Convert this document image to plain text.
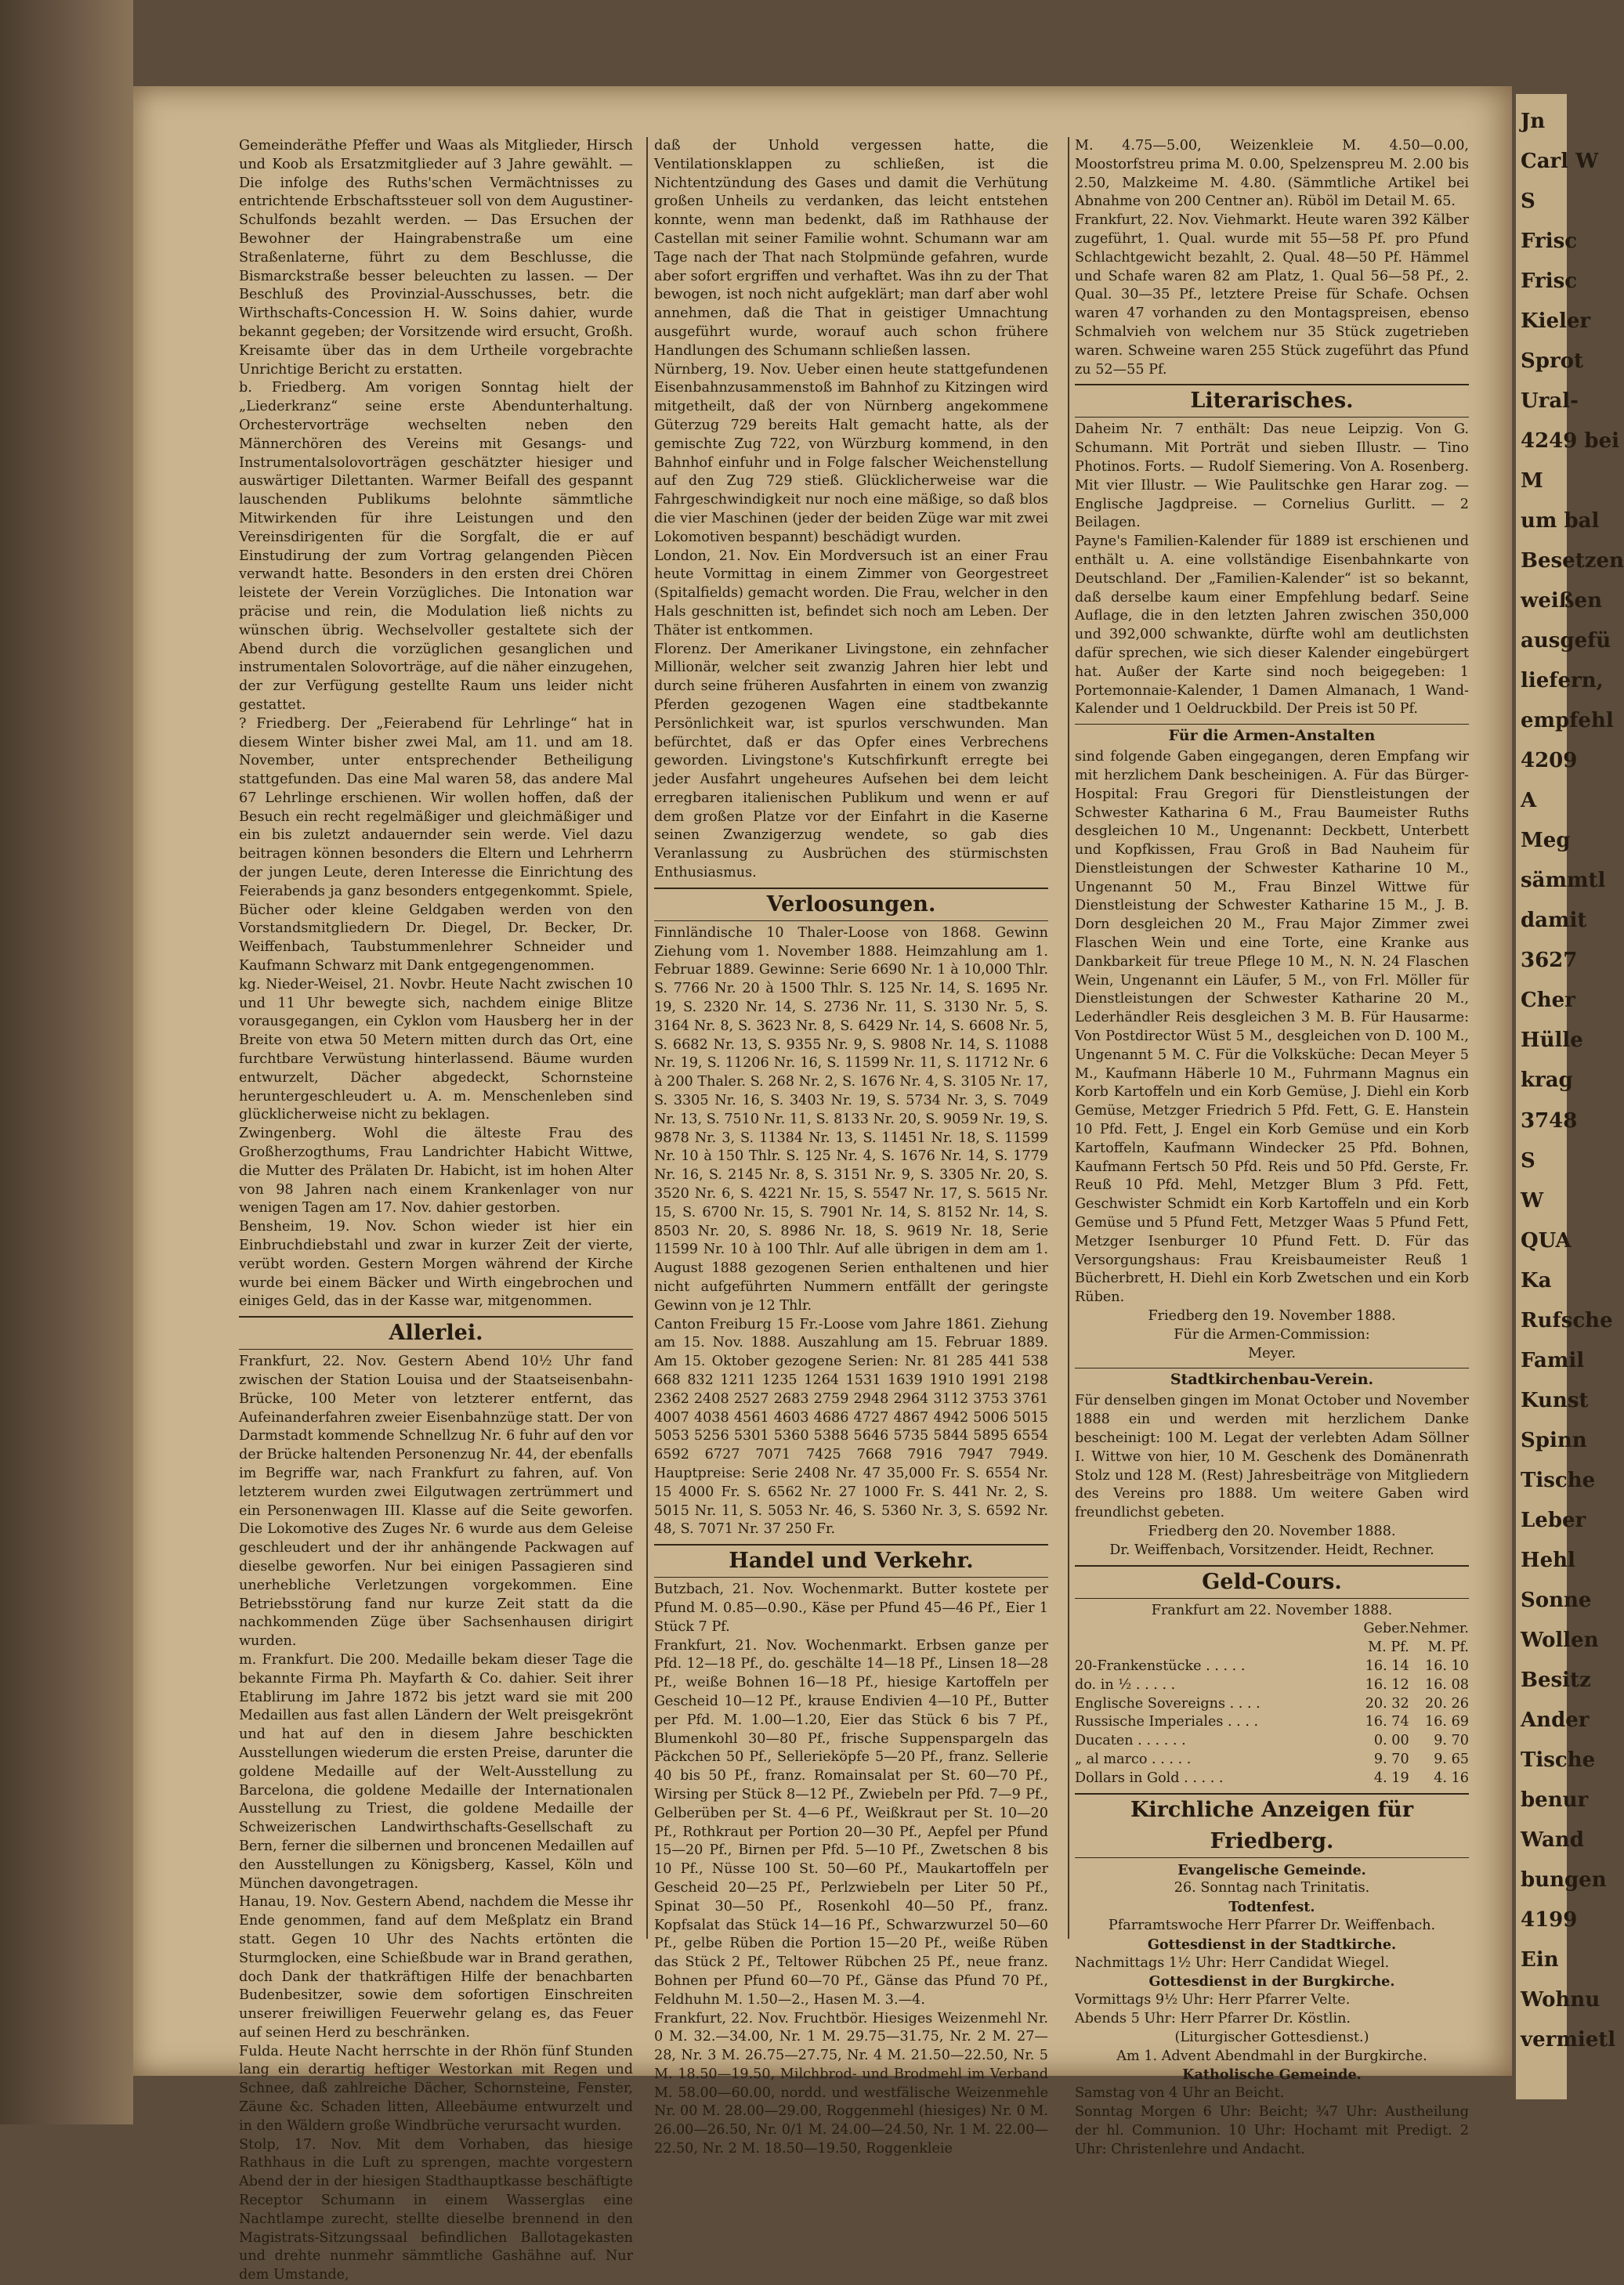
Gemeinderäthe Pfeffer und Waas als Mitglieder, Hirsch und Koob als Ersatzmitglieder auf 3 Jahre gewählt. — Die infolge des Ruths'schen Vermächtnisses zu entrichtende Erbschaftssteuer soll von dem Augustiner-Schulfonds bezahlt werden. — Das Ersuchen der Bewohner der Haingrabenstraße um eine Straßenlaterne, führt zu dem Beschlusse, die Bismarckstraße besser beleuchten zu lassen. — Der Beschluß des Provinzial-Ausschusses, betr. die Wirthschafts-Concession H. W. Soins dahier, wurde bekannt gegeben; der Vorsitzende wird ersucht, Großh. Kreisamte über das in dem Urtheile vorgebrachte Unrichtige Bericht zu erstatten.

b. Friedberg. Am vorigen Sonntag hielt der „Liederkranz“ seine erste Abendunterhaltung. Orchestervorträge wechselten neben den Männerchören des Vereins mit Gesangs- und Instrumentalsolovorträgen geschätzter hiesiger und auswärtiger Dilettanten. Warmer Beifall des gespannt lauschenden Publikums belohnte sämmtliche Mitwirkenden für ihre Leistungen und den Vereinsdirigenten für die Sorgfalt, die er auf Einstudirung der zum Vortrag gelangenden Piècen verwandt hatte. Besonders in den ersten drei Chören leistete der Verein Vorzügliches. Die Intonation war präcise und rein, die Modulation ließ nichts zu wünschen übrig. Wechselvoller gestaltete sich der Abend durch die vorzüglichen gesanglichen und instrumentalen Solovorträge, auf die näher einzugehen, der zur Verfügung gestellte Raum uns leider nicht gestattet.

? Friedberg. Der „Feierabend für Lehrlinge“ hat in diesem Winter bisher zwei Mal, am 11. und am 18. November, unter entsprechender Betheiligung stattgefunden. Das eine Mal waren 58, das andere Mal 67 Lehrlinge erschienen. Wir wollen hoffen, daß der Besuch ein recht regelmäßiger und gleichmäßiger und ein bis zuletzt andauernder sein werde. Viel dazu beitragen können besonders die Eltern und Lehrherrn der jungen Leute, deren Interesse die Einrichtung des Feierabends ja ganz besonders entgegenkommt. Spiele, Bücher oder kleine Geldgaben werden von den Vorstandsmitgliedern Dr. Diegel, Dr. Becker, Dr. Weiffenbach, Taubstummenlehrer Schneider und Kaufmann Schwarz mit Dank entgegengenommen.

kg. Nieder-Weisel, 21. Novbr. Heute Nacht zwischen 10 und 11 Uhr bewegte sich, nachdem einige Blitze vorausgegangen, ein Cyklon vom Hausberg her in der Breite von etwa 50 Metern mitten durch das Ort, eine furchtbare Verwüstung hinterlassend. Bäume wurden entwurzelt, Dächer abgedeckt, Schornsteine heruntergeschleudert u. A. m. Menschenleben sind glücklicherweise nicht zu beklagen.

Zwingenberg. Wohl die älteste Frau des Großherzogthums, Frau Landrichter Habicht Wittwe, die Mutter des Prälaten Dr. Habicht, ist im hohen Alter von 98 Jahren nach einem Krankenlager von nur wenigen Tagen am 17. Nov. dahier gestorben.

Bensheim, 19. Nov. Schon wieder ist hier ein Einbruchdiebstahl und zwar in kurzer Zeit der vierte, verübt worden. Gestern Morgen während der Kirche wurde bei einem Bäcker und Wirth eingebrochen und einiges Geld, das in der Kasse war, mitgenommen.

Allerlei.

Frankfurt, 22. Nov. Gestern Abend 10½ Uhr fand zwischen der Station Louisa und der Staatseisenbahn-Brücke, 100 Meter von letzterer entfernt, das Aufeinanderfahren zweier Eisenbahnzüge statt. Der von Darmstadt kommende Schnellzug Nr. 6 fuhr auf den vor der Brücke haltenden Personenzug Nr. 44, der ebenfalls im Begriffe war, nach Frankfurt zu fahren, auf. Von letzterem wurden zwei Eilgutwagen zertrümmert und ein Personenwagen III. Klasse auf die Seite geworfen. Die Lokomotive des Zuges Nr. 6 wurde aus dem Geleise geschleudert und der ihr anhängende Packwagen auf dieselbe geworfen. Nur bei einigen Passagieren sind unerhebliche Verletzungen vorgekommen. Eine Betriebsstörung fand nur kurze Zeit statt da die nachkommenden Züge über Sachsenhausen dirigirt wurden.

m. Frankfurt. Die 200. Medaille bekam dieser Tage die bekannte Firma Ph. Mayfarth & Co. dahier. Seit ihrer Etablirung im Jahre 1872 bis jetzt ward sie mit 200 Medaillen aus fast allen Ländern der Welt preisgekrönt und hat auf den in diesem Jahre beschickten Ausstellungen wiederum die ersten Preise, darunter die goldene Medaille auf der Welt-Ausstellung zu Barcelona, die goldene Medaille der Internationalen Ausstellung zu Triest, die goldene Medaille der Schweizerischen Landwirthschafts-Gesellschaft zu Bern, ferner die silbernen und broncenen Medaillen auf den Ausstellungen zu Königsberg, Kassel, Köln und München davongetragen.

Hanau, 19. Nov. Gestern Abend, nachdem die Messe ihr Ende genommen, fand auf dem Meßplatz ein Brand statt. Gegen 10 Uhr des Nachts ertönten die Sturmglocken, eine Schießbude war in Brand gerathen, doch Dank der thatkräftigen Hilfe der benachbarten Budenbesitzer, sowie dem sofortigen Einschreiten unserer freiwilligen Feuerwehr gelang es, das Feuer auf seinen Herd zu beschränken.

Fulda. Heute Nacht herrschte in der Rhön fünf Stunden lang ein derartig heftiger Westorkan mit Regen und Schnee, daß zahlreiche Dächer, Schornsteine, Fenster, Zäune &c. Schaden litten, Alleebäume entwurzelt und in den Wäldern große Windbrüche verursacht wurden.

Stolp, 17. Nov. Mit dem Vorhaben, das hiesige Rathhaus in die Luft zu sprengen, machte vorgestern Abend der in der hiesigen Stadthauptkasse beschäftigte Receptor Schumann in einem Wasserglas eine Nachtlampe zurecht, stellte dieselbe brennend in den Magistrats-Sitzungssaal befindlichen Ballotagekasten und drehte nunmehr sämmtliche Gashähne auf. Nur dem Umstande,

daß der Unhold vergessen hatte, die Ventilationsklappen zu schließen, ist die Nichtentzündung des Gases und damit die Verhütung großen Unheils zu verdanken, das leicht entstehen konnte, wenn man bedenkt, daß im Rathhause der Castellan mit seiner Familie wohnt. Schumann war am Tage nach der That nach Stolpmünde gefahren, wurde aber sofort ergriffen und verhaftet. Was ihn zu der That bewogen, ist noch nicht aufgeklärt; man darf aber wohl annehmen, daß die That in geistiger Umnachtung ausgeführt wurde, worauf auch schon frühere Handlungen des Schumann schließen lassen.

Nürnberg, 19. Nov. Ueber einen heute stattgefundenen Eisenbahnzusammenstoß im Bahnhof zu Kitzingen wird mitgetheilt, daß der von Nürnberg angekommene Güterzug 729 bereits Halt gemacht hatte, als der gemischte Zug 722, von Würzburg kommend, in den Bahnhof einfuhr und in Folge falscher Weichenstellung auf den Zug 729 stieß. Glücklicherweise war die Fahrgeschwindigkeit nur noch eine mäßige, so daß blos die vier Maschinen (jeder der beiden Züge war mit zwei Lokomotiven bespannt) beschädigt wurden.

London, 21. Nov. Ein Mordversuch ist an einer Frau heute Vormittag in einem Zimmer von Georgestreet (Spitalfields) gemacht worden. Die Frau, welcher in den Hals geschnitten ist, befindet sich noch am Leben. Der Thäter ist entkommen.

Florenz. Der Amerikaner Livingstone, ein zehnfacher Millionär, welcher seit zwanzig Jahren hier lebt und durch seine früheren Ausfahrten in einem von zwanzig Pferden gezogenen Wagen eine stadtbekannte Persönlichkeit war, ist spurlos verschwunden. Man befürchtet, daß er das Opfer eines Verbrechens geworden. Livingstone's Kutschfirkunft erregte bei jeder Ausfahrt ungeheures Aufsehen bei dem leicht erregbaren italienischen Publikum und wenn er auf dem großen Platze vor der Einfahrt in die Kaserne seinen Zwanzigerzug wendete, so gab dies Veranlassung zu Ausbrüchen des stürmischsten Enthusiasmus.

Verloosungen.

Finnländische 10 Thaler-Loose von 1868. Gewinn Ziehung vom 1. November 1888. Heimzahlung am 1. Februar 1889. Gewinne: Serie 6690 Nr. 1 à 10,000 Thlr. S. 7766 Nr. 20 à 1500 Thlr. S. 125 Nr. 14, S. 1695 Nr. 19, S. 2320 Nr. 14, S. 2736 Nr. 11, S. 3130 Nr. 5, S. 3164 Nr. 8, S. 3623 Nr. 8, S. 6429 Nr. 14, S. 6608 Nr. 5, S. 6682 Nr. 13, S. 9355 Nr. 9, S. 9808 Nr. 14, S. 11088 Nr. 19, S. 11206 Nr. 16, S. 11599 Nr. 11, S. 11712 Nr. 6 à 200 Thaler. S. 268 Nr. 2, S. 1676 Nr. 4, S. 3105 Nr. 17, S. 3305 Nr. 16, S. 3403 Nr. 19, S. 5734 Nr. 3, S. 7049 Nr. 13, S. 7510 Nr. 11, S. 8133 Nr. 20, S. 9059 Nr. 19, S. 9878 Nr. 3, S. 11384 Nr. 13, S. 11451 Nr. 18, S. 11599 Nr. 10 à 150 Thlr. S. 125 Nr. 4, S. 1676 Nr. 14, S. 1779 Nr. 16, S. 2145 Nr. 8, S. 3151 Nr. 9, S. 3305 Nr. 20, S. 3520 Nr. 6, S. 4221 Nr. 15, S. 5547 Nr. 17, S. 5615 Nr. 15, S. 6700 Nr. 15, S. 7901 Nr. 14, S. 8152 Nr. 14, S. 8503 Nr. 20, S. 8986 Nr. 18, S. 9619 Nr. 18, Serie 11599 Nr. 10 à 100 Thlr. Auf alle übrigen in dem am 1. August 1888 gezogenen Serien enthaltenen und hier nicht aufgeführten Nummern entfällt der geringste Gewinn von je 12 Thlr.

Canton Freiburg 15 Fr.-Loose vom Jahre 1861. Ziehung am 15. Nov. 1888. Auszahlung am 15. Februar 1889. Am 15. Oktober gezogene Serien: Nr. 81 285 441 538 668 832 1211 1235 1264 1531 1639 1910 1991 2198 2362 2408 2527 2683 2759 2948 2964 3112 3753 3761 4007 4038 4561 4603 4686 4727 4867 4942 5006 5015 5053 5256 5301 5360 5388 5646 5735 5844 5895 6554 6592 6727 7071 7425 7668 7916 7947 7949. Hauptpreise: Serie 2408 Nr. 47 35,000 Fr. S. 6554 Nr. 15 4000 Fr. S. 6562 Nr. 27 1000 Fr. S. 441 Nr. 2, S. 5015 Nr. 11, S. 5053 Nr. 46, S. 5360 Nr. 3, S. 6592 Nr. 48, S. 7071 Nr. 37 250 Fr.

Handel und Verkehr.

Butzbach, 21. Nov. Wochenmarkt. Butter kostete per Pfund M. 0.85—0.90., Käse per Pfund 45—46 Pf., Eier 1 Stück 7 Pf.

Frankfurt, 21. Nov. Wochenmarkt. Erbsen ganze per Pfd. 12—18 Pf., do. geschälte 14—18 Pf., Linsen 18—28 Pf., weiße Bohnen 16—18 Pf., hiesige Kartoffeln per Gescheid 10—12 Pf., krause Endivien 4—10 Pf., Butter per Pfd. M. 1.00—1.20, Eier das Stück 6 bis 7 Pf., Blumenkohl 30—80 Pf., frische Suppenspargeln das Päckchen 50 Pf., Sellerieköpfe 5—20 Pf., franz. Sellerie 40 bis 50 Pf., franz. Romainsalat per St. 60—70 Pf., Wirsing per Stück 8—12 Pf., Zwiebeln per Pfd. 7—9 Pf., Gelberüben per St. 4—6 Pf., Weißkraut per St. 10—20 Pf., Rothkraut per Portion 20—30 Pf., Aepfel per Pfund 15—20 Pf., Birnen per Pfd. 5—10 Pf., Zwetschen 8 bis 10 Pf., Nüsse 100 St. 50—60 Pf., Maukartoffeln per Gescheid 20—25 Pf., Perlzwiebeln per Liter 50 Pf., Spinat 30—50 Pf., Rosenkohl 40—50 Pf., franz. Kopfsalat das Stück 14—16 Pf., Schwarzwurzel 50—60 Pf., gelbe Rüben die Portion 15—20 Pf., weiße Rüben das Stück 2 Pf., Teltower Rübchen 25 Pf., neue franz. Bohnen per Pfund 60—70 Pf., Gänse das Pfund 70 Pf., Feldhuhn M. 1.50—2., Hasen M. 3.—4.

Frankfurt, 22. Nov. Fruchtbör. Hiesiges Weizenmehl Nr. 0 M. 32.—34.00, Nr. 1 M. 29.75—31.75, Nr. 2 M. 27—28, Nr. 3 M. 26.75—27.75, Nr. 4 M. 21.50—22.50, Nr. 5 M. 18.50—19.50, Milchbrod- und Brodmehl im Verband M. 58.00—60.00, nordd. und westfälische Weizenmehle Nr. 00 M. 28.00—29.00, Roggenmehl (hiesiges) Nr. 0 M. 26.00—26.50, Nr. 0/1 M. 24.00—24.50, Nr. 1 M. 22.00—22.50, Nr. 2 M. 18.50—19.50, Roggenkleie

M. 4.75—5.00, Weizenkleie M. 4.50—0.00, Moostorfstreu prima M. 0.00, Spelzenspreu M. 2.00 bis 2.50, Malzkeime M. 4.80. (Sämmtliche Artikel bei Abnahme von 200 Centner an). Rüböl im Detail M. 65.

Frankfurt, 22. Nov. Viehmarkt. Heute waren 392 Kälber zugeführt, 1. Qual. wurde mit 55—58 Pf. pro Pfund Schlachtgewicht bezahlt, 2. Qual. 48—50 Pf. Hämmel und Schafe waren 82 am Platz, 1. Qual 56—58 Pf., 2. Qual. 30—35 Pf., letztere Preise für Schafe. Ochsen waren 47 vorhanden zu den Montagspreisen, ebenso Schmalvieh von welchem nur 35 Stück zugetrieben waren. Schweine waren 255 Stück zugeführt das Pfund zu 52—55 Pf.

Literarisches.

Daheim Nr. 7 enthält: Das neue Leipzig. Von G. Schumann. Mit Porträt und sieben Illustr. — Tino Photinos. Forts. — Rudolf Siemering. Von A. Rosenberg. Mit vier Illustr. — Wie Paulitschke gen Harar zog. — Englische Jagdpreise. — Cornelius Gurlitt. — 2 Beilagen.

Payne's Familien-Kalender für 1889 ist erschienen und enthält u. A. eine vollständige Eisenbahnkarte von Deutschland. Der „Familien-Kalender“ ist so bekannt, daß derselbe kaum einer Empfehlung bedarf. Seine Auflage, die in den letzten Jahren zwischen 350,000 und 392,000 schwankte, dürfte wohl am deutlichsten dafür sprechen, wie sich dieser Kalender eingebürgert hat. Außer der Karte sind noch beigegeben: 1 Portemonnaie-Kalender, 1 Damen Almanach, 1 Wand-Kalender und 1 Oeldruckbild. Der Preis ist 50 Pf.

Für die Armen-Anstalten

sind folgende Gaben eingegangen, deren Empfang wir mit herzlichem Dank bescheinigen. A. Für das Bürger-Hospital: Frau Gregori für Dienstleistungen der Schwester Katharina 6 M., Frau Baumeister Ruths desgleichen 10 M., Ungenannt: Deckbett, Unterbett und Kopfkissen, Frau Groß in Bad Nauheim für Dienstleistungen der Schwester Katharine 10 M., Ungenannt 50 M., Frau Binzel Wittwe für Dienstleistung der Schwester Katharine 15 M., J. B. Dorn desgleichen 20 M., Frau Major Zimmer zwei Flaschen Wein und eine Torte, eine Kranke aus Dankbarkeit für treue Pflege 10 M., N. N. 24 Flaschen Wein, Ungenannt ein Läufer, 5 M., von Frl. Möller für Dienstleistungen der Schwester Katharine 20 M., Lederhändler Reis desgleichen 3 M. B. Für Hausarme: Von Postdirector Wüst 5 M., desgleichen von D. 100 M., Ungenannt 5 M. C. Für die Volksküche: Decan Meyer 5 M., Kaufmann Häberle 10 M., Fuhrmann Magnus ein Korb Kartoffeln und ein Korb Gemüse, J. Diehl ein Korb Gemüse, Metzger Friedrich 5 Pfd. Fett, G. E. Hanstein 10 Pfd. Fett, J. Engel ein Korb Gemüse und ein Korb Kartoffeln, Kaufmann Windecker 25 Pfd. Bohnen, Kaufmann Fertsch 50 Pfd. Reis und 50 Pfd. Gerste, Fr. Reuß 10 Pfd. Mehl, Metzger Blum 3 Pfd. Fett, Geschwister Schmidt ein Korb Kartoffeln und ein Korb Gemüse und 5 Pfund Fett, Metzger Waas 5 Pfund Fett, Metzger Isenburger 10 Pfund Fett. D. Für das Versorgungshaus: Frau Kreisbaumeister Reuß 1 Bücherbrett, H. Diehl ein Korb Zwetschen und ein Korb Rüben.

Friedberg den 19. November 1888.

Für die Armen-Commission:

Meyer.

Stadtkirchenbau-Verein.

Für denselben gingen im Monat October und November 1888 ein und werden mit herzlichem Danke bescheinigt: 100 M. Legat der verlebten Adam Söllner I. Wittwe von hier, 10 M. Geschenk des Domänenrath Stolz und 128 M. (Rest) Jahresbeiträge von Mitgliedern des Vereins pro 1888. Um weitere Gaben wird freundlichst gebeten.

Friedberg den 20. November 1888.

Dr. Weiffenbach, Vorsitzender. Heidt, Rechner.

Geld-Cours.

Frankfurt am 22. November 1888.

	Geber.	Nehmer.
	M. Pf.	M. Pf.
20-Frankenstücke . . . . .	16. 14	16. 10
do. in ½ . . . . .	16. 12	16. 08
Englische Sovereigns . . . .	20. 32	20. 26
Russische Imperiales . . . .	16. 74	16. 69
Ducaten . . . . . .	0. 00	9. 70
„ al marco . . . . .	9. 70	9. 65
Dollars in Gold . . . . .	4. 19	4. 16
Kirchliche Anzeigen für Friedberg.

Evangelische Gemeinde.

26. Sonntag nach Trinitatis.

Todtenfest.

Pfarramtswoche Herr Pfarrer Dr. Weiffenbach.

Gottesdienst in der Stadtkirche.

Nachmittags 1½ Uhr: Herr Candidat Wiegel.

Gottesdienst in der Burgkirche.

Vormittags 9½ Uhr: Herr Pfarrer Velte.

Abends 5 Uhr: Herr Pfarrer Dr. Köstlin.

(Liturgischer Gottesdienst.)

Am 1. Advent Abendmahl in der Burgkirche.

Katholische Gemeinde.

Samstag von 4 Uhr an Beicht.

Sonntag Morgen 6 Uhr: Beicht; ¾7 Uhr: Austheilung der hl. Communion. 10 Uhr: Hochamt mit Predigt. 2 Uhr: Christenlehre und Andacht.

Jn
Carl W
S
Frisc
Frisc
Kieler
Sprot
Ural-
4249 bei
M
um bal
Besetzen
weißen
ausgefü
liefern,
empfehl
4209
A
Meg
sämmtl
damit
3627
Cher
Hülle
krag
3748
S
W
QUA
Ka
Rufsche
Famil
Kunst
Spinn
Tische
Leber
Hehl
Sonne
Wollen
Besitz
Ander
Tische
benur
Wand
bungen
4199
Ein
Wohnu
vermietl
